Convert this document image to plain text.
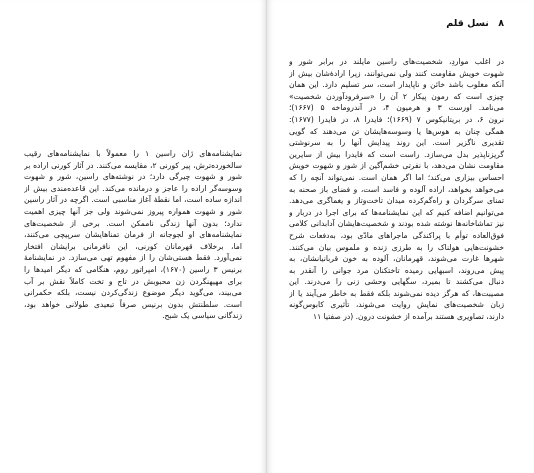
نمایشنامه‌های ژان راسین ۱ را معمولاً با نمایشنامه‌های رقیب
سالخورده‌ترش، پیر کورنی ۲، مقایسه می‌کنند. در آثار کورنی اراده بر
شور و شهوت چیرگی دارد؛ در نوشته‌های راسین، شور و شهوت
وسوسه‌گر اراده را عاجز و درمانده می‌کند. این قاعده‌مندی بیش از
اندازه ساده است، اما نقطۀ آغاز مناسبی است. اگرچه در آثار راسین
شور و شهوت همواره پیروز نمی‌شوند ولی جز آنها چیزی اهمیت
ندارد؛ بدون آنها زندگی ناممکن است. برخی از شخصیت‌های
نمایشنامه‌های او لجوجانه از فرمان تمناهایشان سرپیچی می‌کنند،
اما، برخلاف قهرمانان کورنی، این نافرمانی برایشان افتخار
نمی‌آورد. فقط هستی‌شان را از مفهوم تهی می‌سازد. در نمایشنامۀ
برنیس ۳ راسین (۱۶۷۰)، امپراتور روم، هنگامی که دیگر امیدها را
برای مهیهنگردن زن محبوبش در تاج و تخت کاملاً نقش بر آب
می‌بیند، می‌گوید دیگر موضوع زندگی‌کردن نیست، بلکه حکمرانی
است. سلطنتش بدون برنیس صرفاً تبعیدی طولانی خواهد بود،
زندگانی سیاسی یک شبح.
۸ نسل قلم
در اغلب مواردِ، شخصیت‌های راسین مایلند در برابر شور و
شهوت خویش مقاومت کنند ولی نمی‌توانند، زیرا ارادۀشان بیش از
آنکه مغلوب باشد خائن و ناپایدار است، سر تسلیم دارد. این همان
چیزی است که رمون پیکار ۲ آن را «سرفرودآوردن شخصیت»
می‌نامد. اورست ۳ و هرمیون ۴، در آندروماخه ۵ (۱۶۶۷)؛
نرون ۶، در بریتانیکوس ۷ (۱۶۶۹)؛ فایدرا ۸، در فایدرا (۱۶۷۷):
همگی چنان به هوس‌ها یا وسوسه‌هایشان تن می‌دهند که گویی
تقدیری ناگزیر است. این روند پیدایش آنها را به سرنوشتی
گریزناپذیر بدل می‌سازد. راست است که فایدرا بیش از سایرین
مقاومت نشان می‌دهد، با نفرتی خشم‌آگین از شور و شهوت خویش
احساس بیزاری می‌کند؛ اما اگر همان است. نمی‌تواند آنچه را که
می‌خواهد بخواهد، اراده آلوده و فاسد است، و فضای باز صحنه به
تمنای سرگردان و راه‌گم‌کرده میدان تاخت‌وتاز و یغماگری می‌دهد.
می‌توانیم اضافه کنیم که این نمایشنامه‌ها که برای اجرا در دربار و
نیز تماشاخانه‌ها نوشته شده بودند و شخصیت‌هایشان آدابدانی کلامی
فوق‌العاده توأم با پراکندگی ماجراهای مادّی بود، به‌دفعات شرح
خشونت‌هایی هولناک را به طرزی زنده و ملموس بیان می‌کنند.
شهرها غارت می‌شوند، قهرمانان، آلوده به خون قربانیانشان، به
پیش می‌روند، اسبهایی رمیده تاختکنان مرد جوانی را آنقدر به
دنبال می‌کشند تا بمیرد، سگهایی وحشی زنی را می‌درند. این
مصیبت‌ها، که هرگز دیده نمی‌شوند بلکه فقط به خاطر می‌آیند یا از
زبان شخصیت‌های نمایش روایت می‌شوند، تأثیری کابوس‌گونه
دارند، تصاویری هستند برآمده از خشونت درون. (در صفتیا ۱۱
